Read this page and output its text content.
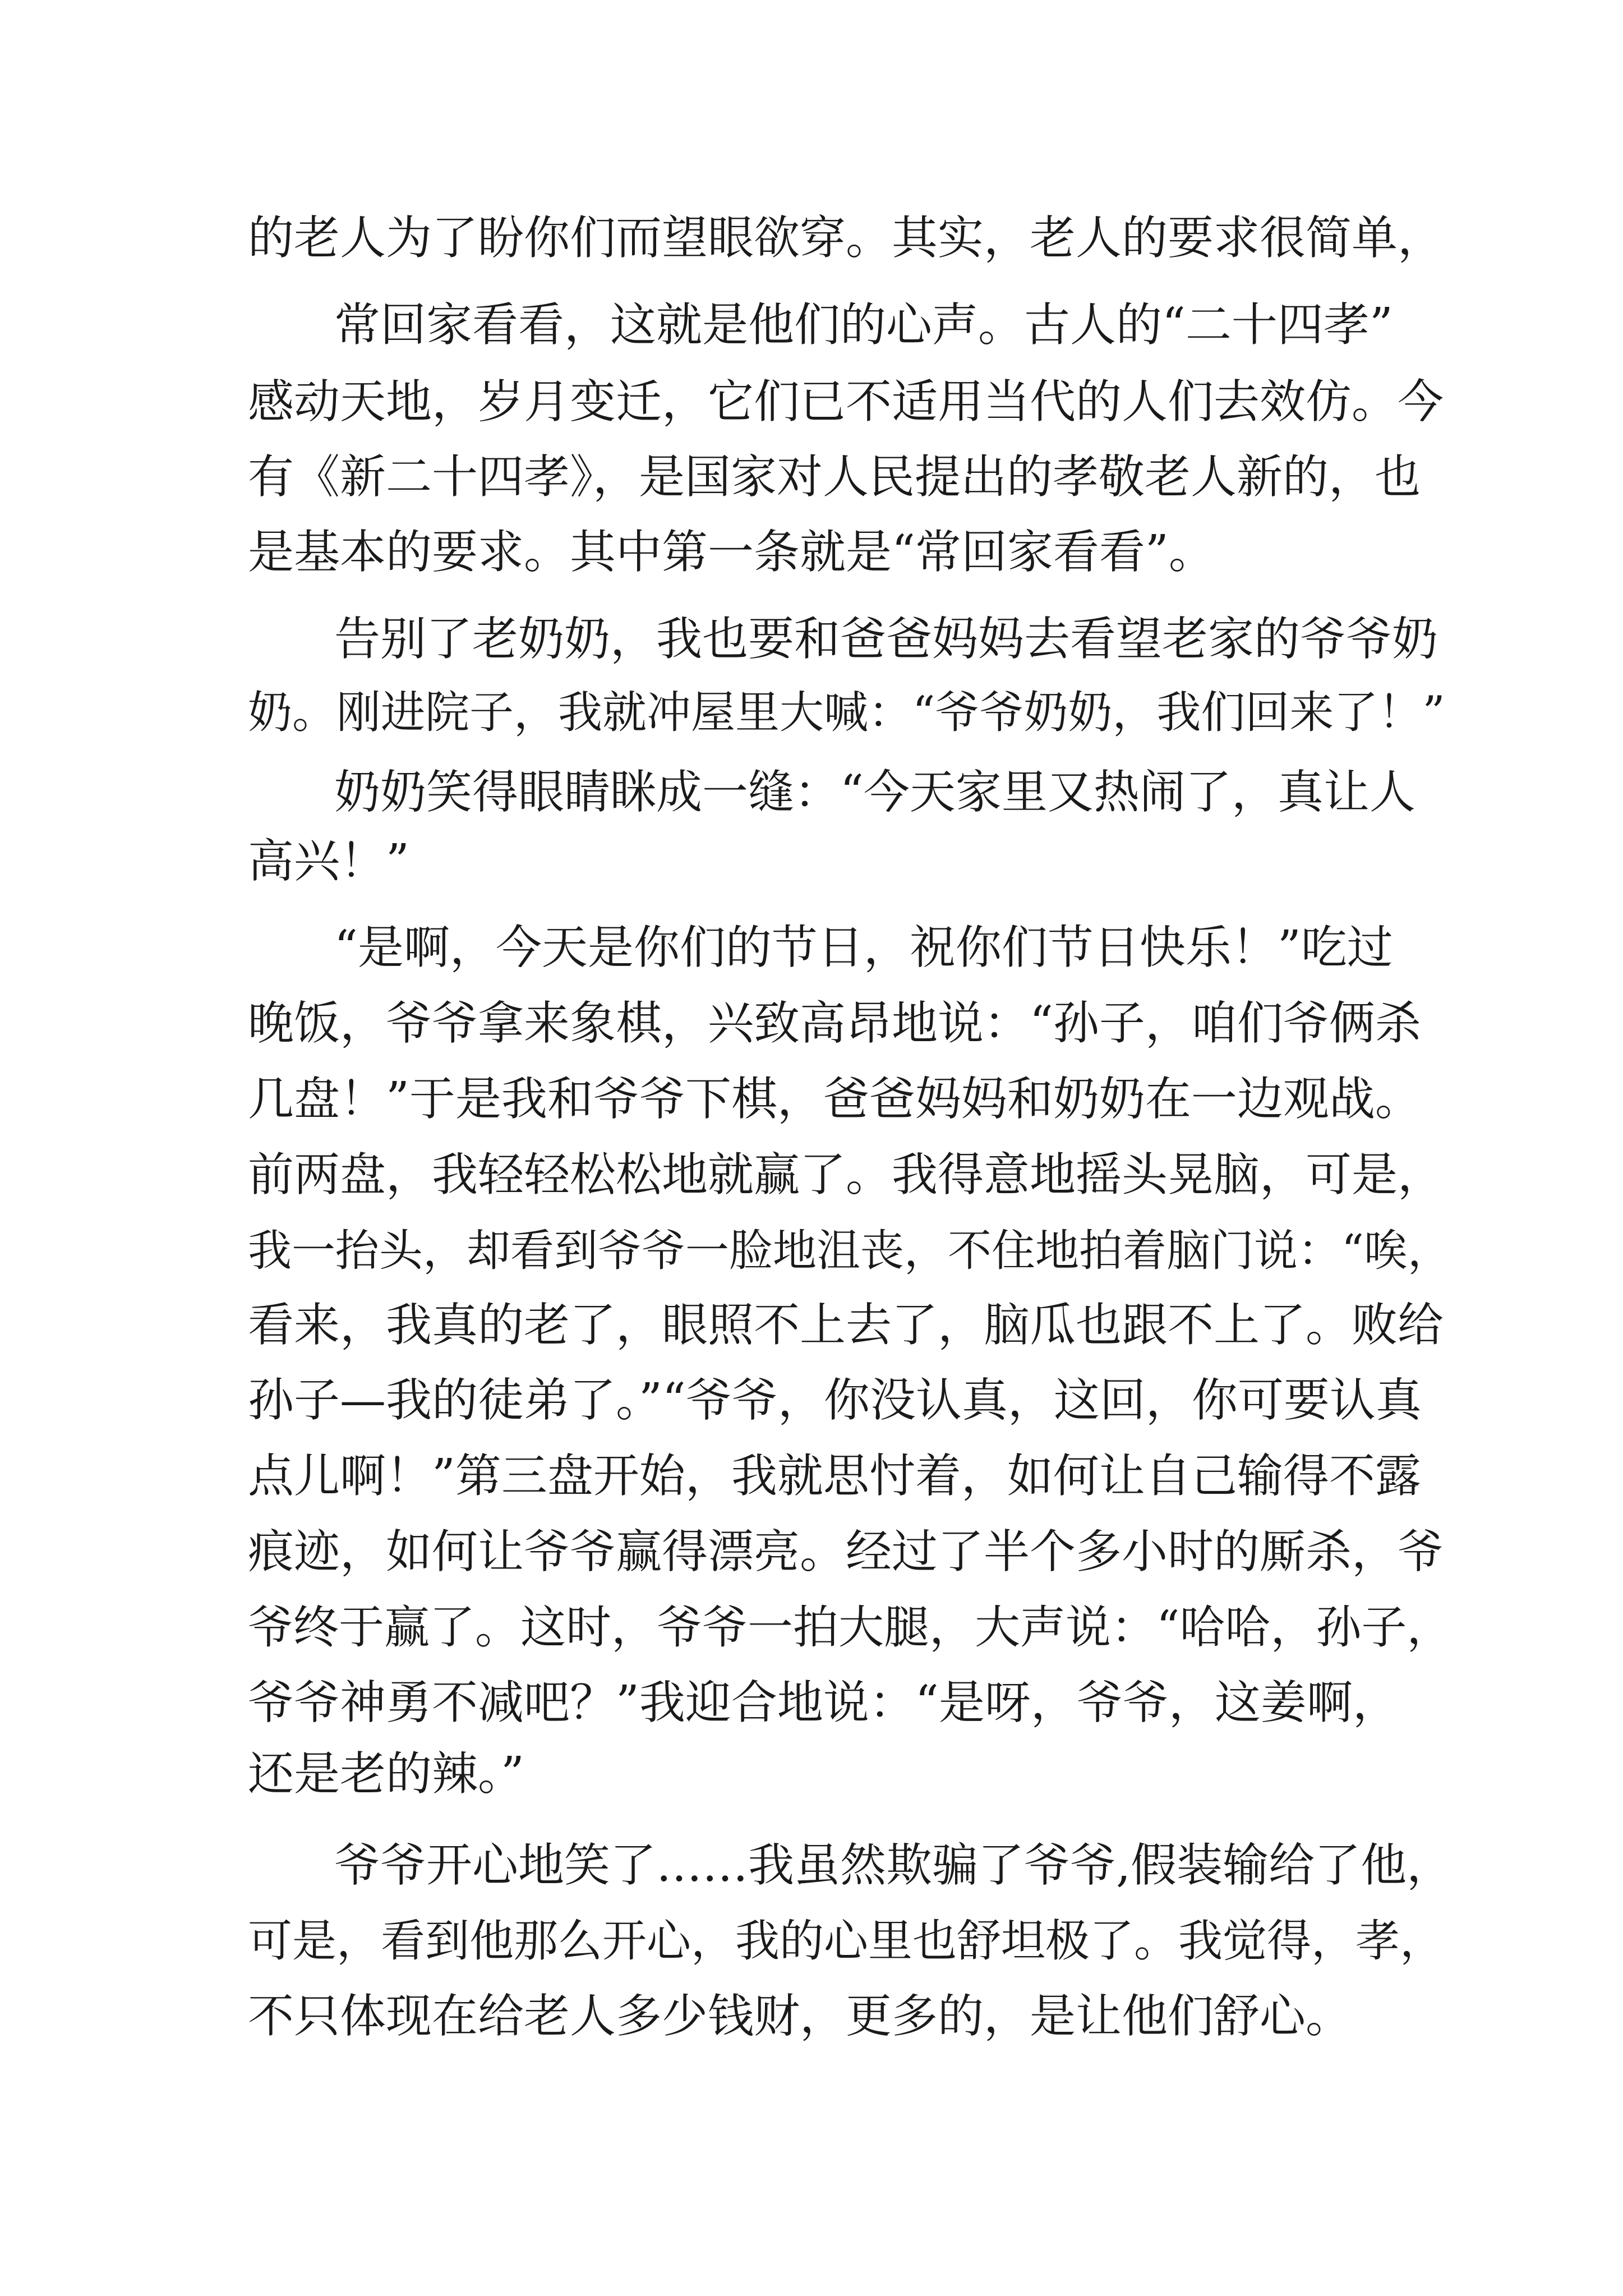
的老人为了盼你们而望眼欲穿。其实，老人的要求很简单，
常回家看看，这就是他们的心声。古人的“二十四孝”
感动天地，岁月变迁，它们已不适用当代的人们去效仿。今
有《新二十四孝》，是国家对人民提出的孝敬老人新的，也
是基本的要求。其中第一条就是“常回家看看”。
告别了老奶奶，我也要和爸爸妈妈去看望老家的爷爷奶
奶。刚进院子，我就冲屋里大喊：“爷爷奶奶，我们回来了！”
奶奶笑得眼睛眯成一缝：“今天家里又热闹了，真让人
高兴！”
“是啊，今天是你们的节日，祝你们节日快乐！”吃过
晚饭，爷爷拿来象棋，兴致高昂地说：“孙子，咱们爷俩杀
几盘！”于是我和爷爷下棋，爸爸妈妈和奶奶在一边观战。
前两盘，我轻轻松松地就赢了。我得意地摇头晃脑，可是，
我一抬头，却看到爷爷一脸地沮丧，不住地拍着脑门说：“唉，
看来，我真的老了，眼照不上去了，脑瓜也跟不上了。败给
孙子—我的徒弟了。”“爷爷，你没认真，这回，你可要认真
点儿啊！”第三盘开始，我就思忖着，如何让自己输得不露
痕迹，如何让爷爷赢得漂亮。经过了半个多小时的厮杀，爷
爷终于赢了。这时，爷爷一拍大腿，大声说：“哈哈，孙子，
爷爷神勇不减吧？”我迎合地说：“是呀，爷爷，这姜啊，
还是老的辣。”
爷爷开心地笑了……我虽然欺骗了爷爷,假装输给了他，
可是，看到他那么开心，我的心里也舒坦极了。我觉得，孝，
不只体现在给老人多少钱财，更多的，是让他们舒心。
